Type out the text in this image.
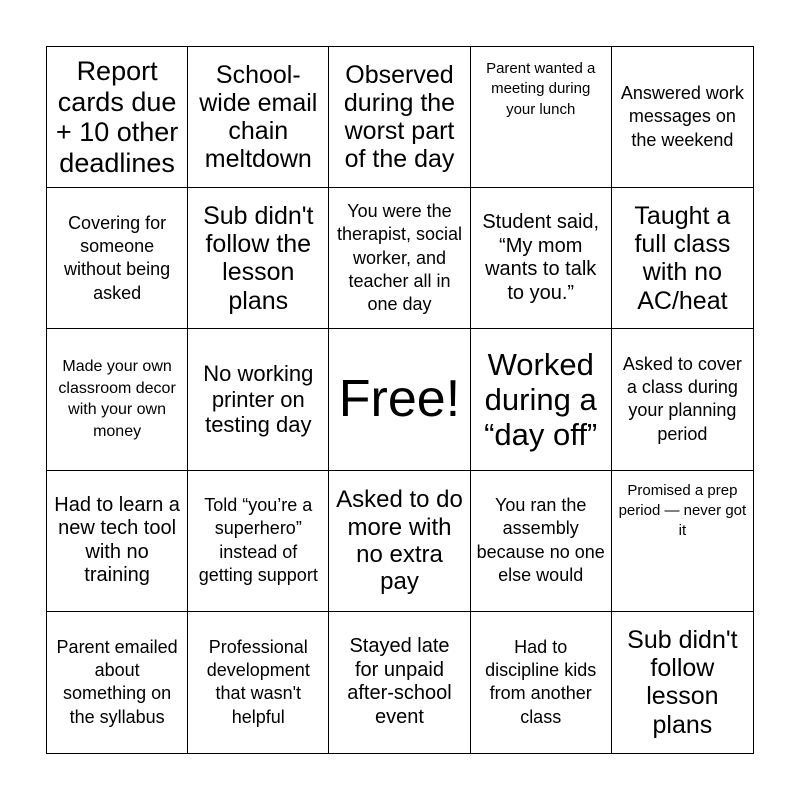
Report cards due + 10 other deadlines
School-wide email chain meltdown
Observed during the worst part of the day
Parent wanted a meeting during your lunch
Answered work messages on the weekend
Covering for someone without being asked
Sub didn't follow the lesson plans
You were the therapist, social worker, and teacher all in one day
Student said, “My mom wants to talk to you.”
Taught a full class with no AC/heat
Made your own classroom decor with your own money
No working printer on testing day Free!
Worked during a “day off”
Asked to cover a class during your planning period
Had to learn a new tech tool with no training
Told “you’re a superhero” instead of getting support
Asked to do more with no extra pay
You ran the assembly because no one else would
Promised a prep period — never got it
Parent emailed about something on the syllabus
Professional development that wasn't helpful
Stayed late for unpaid after-school event
Had to discipline kids from another class
Sub didn't follow lesson plans
